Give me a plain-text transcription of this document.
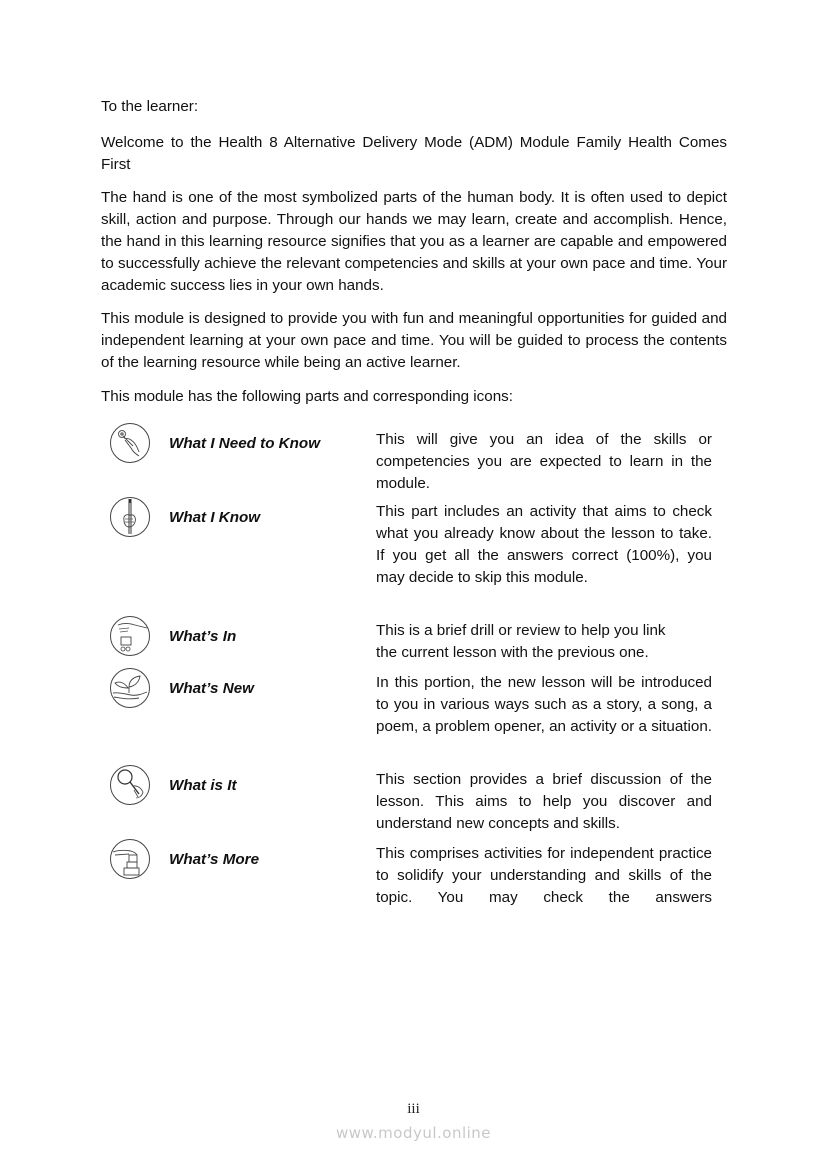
To the learner:

Welcome to the Health 8 Alternative Delivery Mode (ADM) Module Family Health Comes First

The hand is one of the most symbolized parts of the human body. It is often used to depict skill, action and purpose. Through our hands we may learn, create and accomplish. Hence, the hand in this learning resource signifies that you as a learner are capable and empowered to successfully achieve the relevant competencies and skills at your own pace and time. Your academic success lies in your own hands.

This module is designed to provide you with fun and meaningful opportunities for guided and independent learning at your own pace and time. You will be guided to process the contents of the learning resource while being an active learner.

This module has the following parts and corresponding icons:

What I Need to Know	This will give you an idea of the skills or competencies you are expected to learn in the module.

What I Know	This part includes an activity that aims to check what you already know about the lesson to take. If you get all the answers correct (100%), you may decide to skip this module.

What’s In	This is a brief drill or review to help you link
the current lesson with the previous one.

What’s New	In this portion, the new lesson will be introduced to you in various ways such as a story, a song, a poem, a problem opener, an activity or a situation.

What is It	This section provides a brief discussion of the lesson. This aims to help you discover and understand new concepts and skills.

What’s More	This comprises activities for independent practice to solidify your understanding and skills of the topic. You may check the answers

iii
www.modyul.online
